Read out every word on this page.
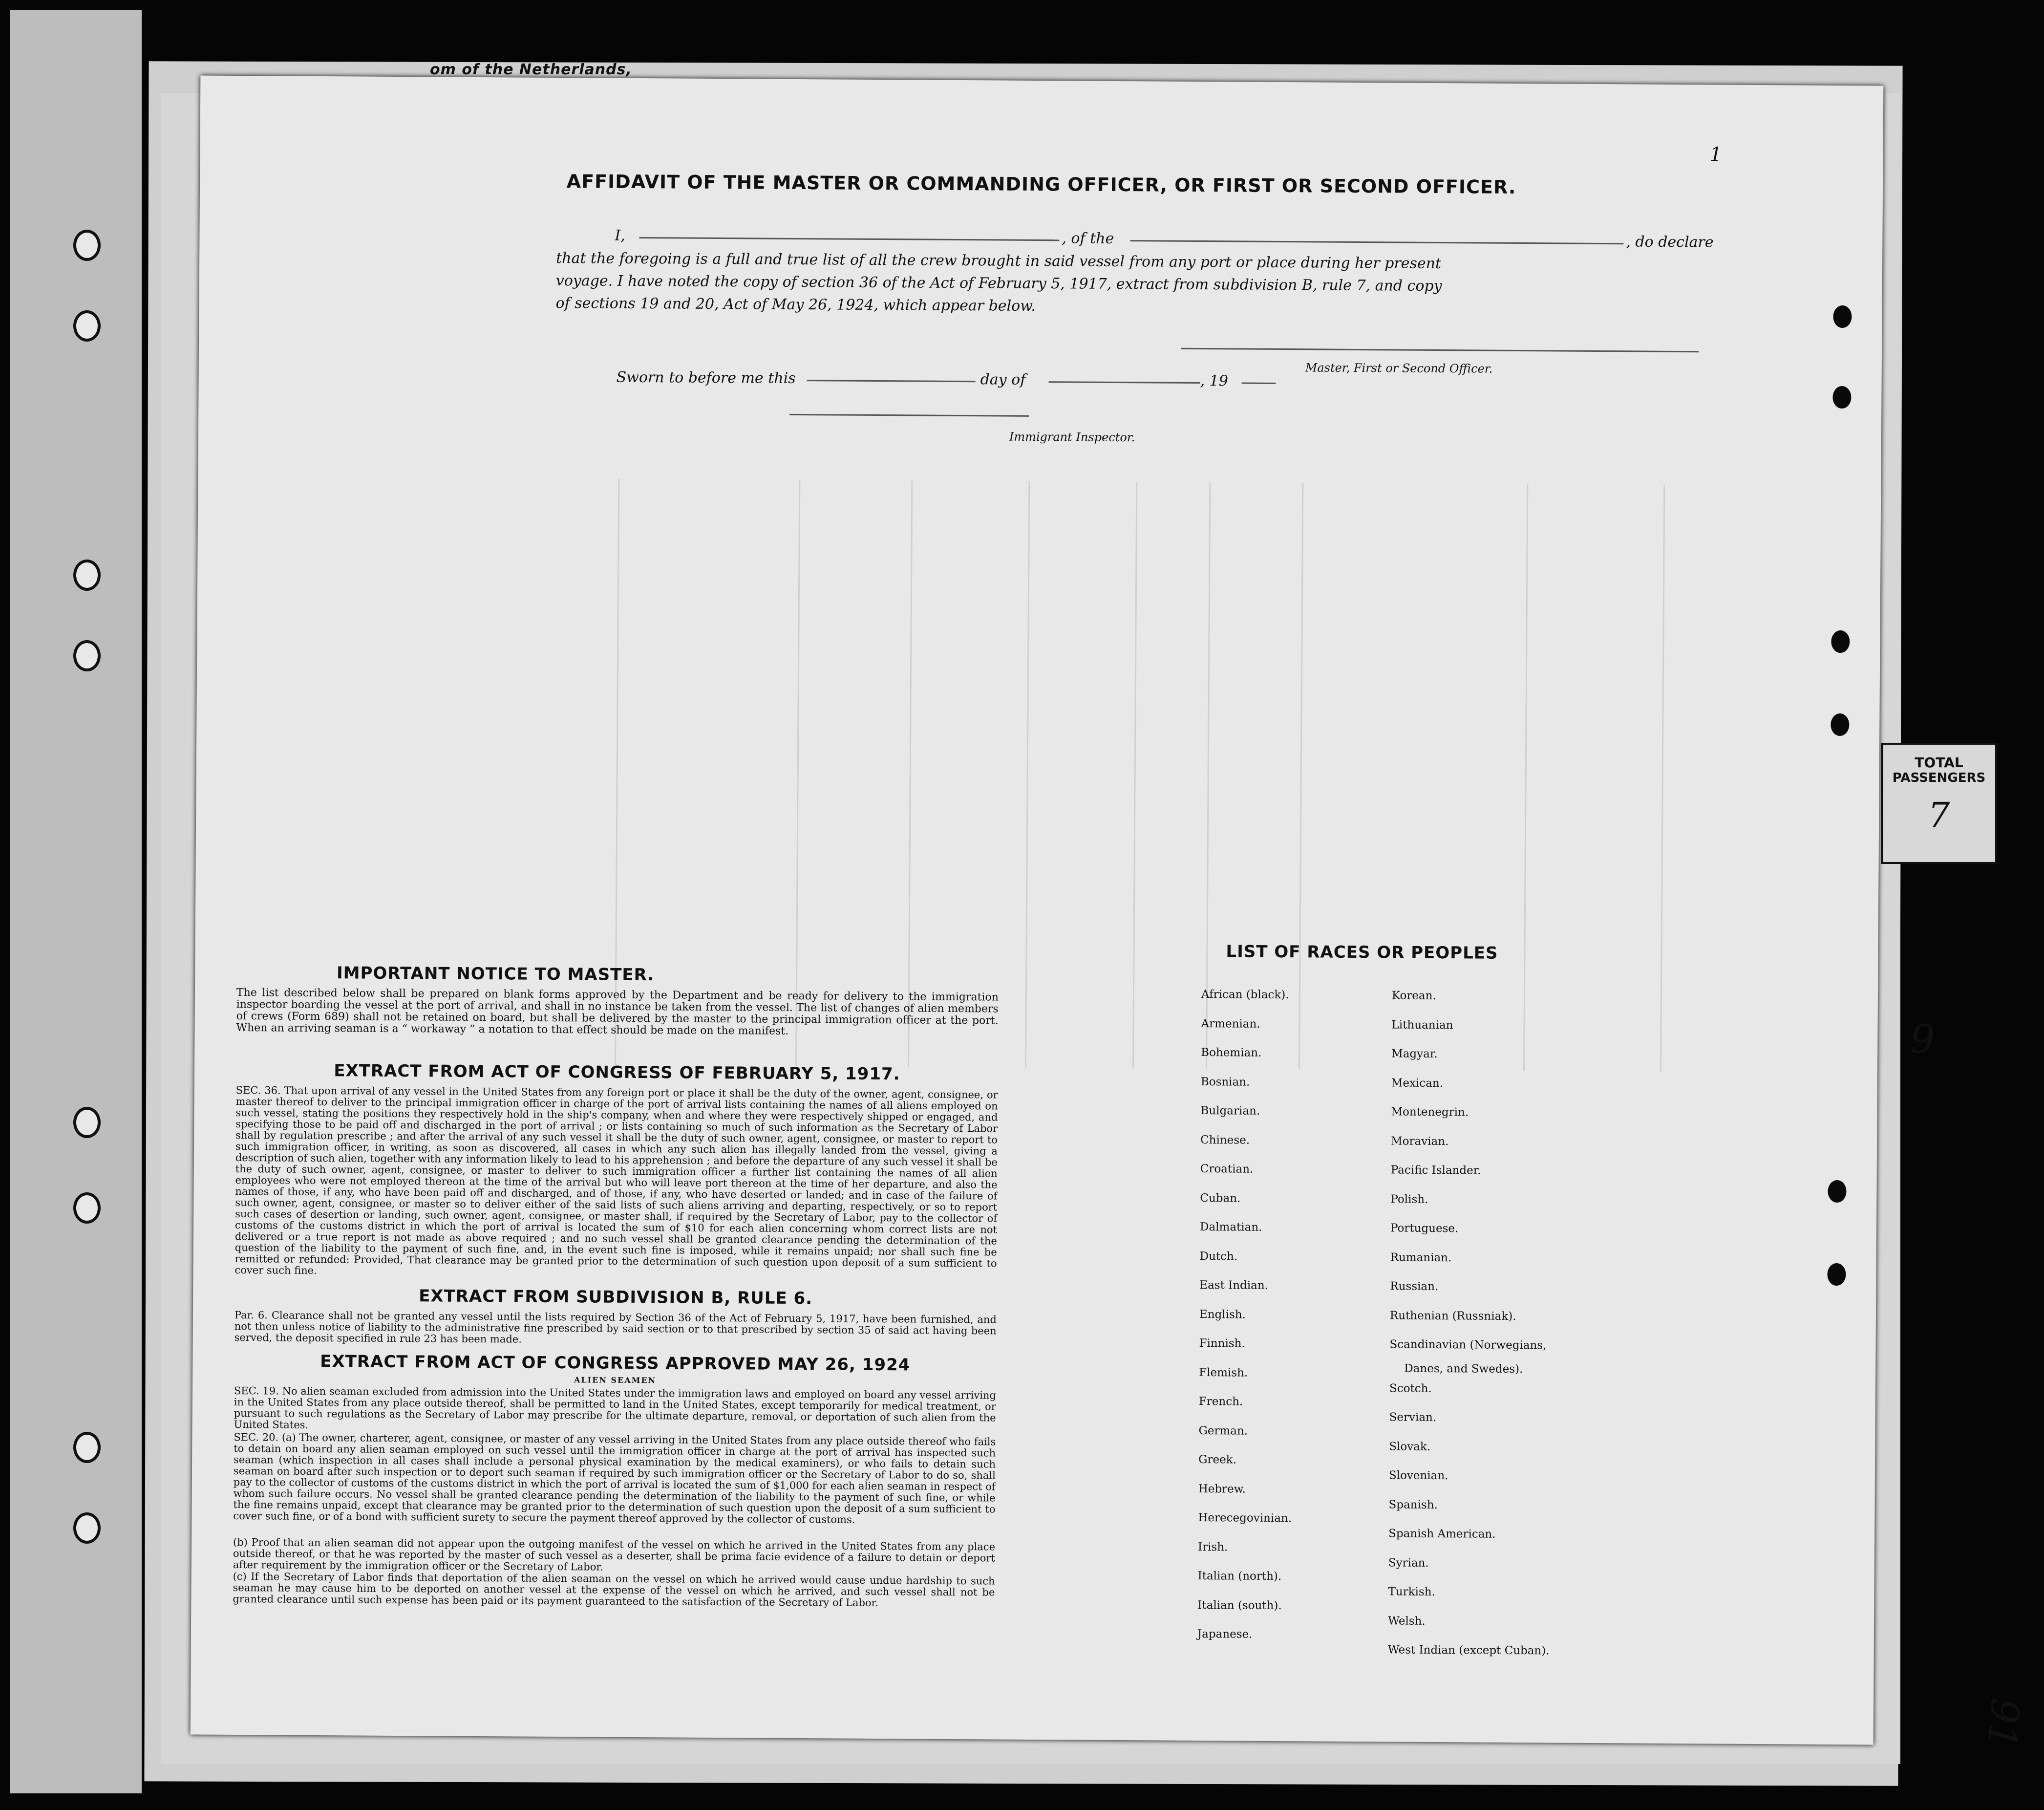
om of the Netherlands,
TOTAL
PASSENGERS
7
9
91
AFFIDAVIT OF THE MASTER OR COMMANDING OFFICER, OR FIRST OR SECOND OFFICER.
I,	, of the	, do declare
that the foregoing is a full and true list of all the crew brought in said vessel from any port or place during her present
voyage. I have noted the copy of section 36 of the Act of February 5, 1917, extract from subdivision B, rule 7, and copy
of sections 19 and 20, Act of May 26, 1924, which appear below.
Master, First or Second Officer.
Sworn to before me this	day of	, 19
Immigrant Inspector.
IMPORTANT NOTICE TO MASTER.
The list described below shall be prepared on blank forms approved by the Department and be ready for delivery to the immigration inspector boarding the vessel at the port of arrival, and shall in no instance be taken from the vessel. The list of changes of alien members of crews (Form 689) shall not be retained on board, but shall be delivered by the master to the principal immigration officer at the port. When an arriving seaman is a “ workaway ” a notation to that effect should be made on the manifest.
EXTRACT FROM ACT OF CONGRESS OF FEBRUARY 5, 1917.
SEC. 36. That upon arrival of any vessel in the United States from any foreign port or place it shall be the duty of the owner, agent, consignee, or master thereof to deliver to the principal immigration officer in charge of the port of arrival lists containing the names of all aliens employed on such vessel, stating the positions they respectively hold in the ship's company, when and where they were respectively shipped or engaged, and specifying those to be paid off and discharged in the port of arrival ; or lists containing so much of such information as the Secretary of Labor shall by regulation prescribe ; and after the arrival of any such vessel it shall be the duty of such owner, agent, consignee, or master to report to such immigration officer, in writing, as soon as discovered, all cases in which any such alien has illegally landed from the vessel, giving a description of such alien, together with any information likely to lead to his apprehension ; and before the departure of any such vessel it shall be the duty of such owner, agent, consignee, or master to deliver to such immigration officer a further list containing the names of all alien employees who were not employed thereon at the time of the arrival but who will leave port thereon at the time of her departure, and also the names of those, if any, who have been paid off and discharged, and of those, if any, who have deserted or landed; and in case of the failure of such owner, agent, consignee, or master so to deliver either of the said lists of such aliens arriving and departing, respectively, or so to report such cases of desertion or landing, such owner, agent, consignee, or master shall, if required by the Secretary of Labor, pay to the collector of customs of the customs district in which the port of arrival is located the sum of $10 for each alien concerning whom correct lists are not delivered or a true report is not made as above required ; and no such vessel shall be granted clearance pending the determination of the question of the liability to the payment of such fine, and, in the event such fine is imposed, while it remains unpaid; nor shall such fine be remitted or refunded: Provided, That clearance may be granted prior to the determination of such question upon deposit of a sum sufficient to cover such fine.
EXTRACT FROM SUBDIVISION B, RULE 6.
Par. 6. Clearance shall not be granted any vessel until the lists required by Section 36 of the Act of February 5, 1917, have been furnished, and not then unless notice of liability to the administrative fine prescribed by said section or to that prescribed by section 35 of said act having been served, the deposit specified in rule 23 has been made.
EXTRACT FROM ACT OF CONGRESS APPROVED MAY 26, 1924
ALIEN SEAMEN
SEC. 19. No alien seaman excluded from admission into the United States under the immigration laws and employed on board any vessel arriving in the United States from any place outside thereof, shall be permitted to land in the United States, except temporarily for medical treatment, or pursuant to such regulations as the Secretary of Labor may prescribe for the ultimate departure, removal, or deportation of such alien from the United States.
SEC. 20. (a) The owner, charterer, agent, consignee, or master of any vessel arriving in the United States from any place outside thereof who fails to detain on board any alien seaman employed on such vessel until the immigration officer in charge at the port of arrival has inspected such seaman (which inspection in all cases shall include a personal physical examination by the medical examiners), or who fails to detain such seaman on board after such inspection or to deport such seaman if required by such immigration officer or the Secretary of Labor to do so, shall pay to the collector of customs of the customs district in which the port of arrival is located the sum of $1,000 for each alien seaman in respect of whom such failure occurs. No vessel shall be granted clearance pending the determination of the liability to the payment of such fine, or while the fine remains unpaid, except that clearance may be granted prior to the determination of such question upon the deposit of a sum sufficient to cover such fine, or of a bond with sufficient surety to secure the payment thereof approved by the collector of customs.
(b) Proof that an alien seaman did not appear upon the outgoing manifest of the vessel on which he arrived in the United States from any place outside thereof, or that he was reported by the master of such vessel as a deserter, shall be prima facie evidence of a failure to detain or deport after requirement by the immigration officer or the Secretary of Labor.
(c) If the Secretary of Labor finds that deportation of the alien seaman on the vessel on which he arrived would cause undue hardship to such seaman he may cause him to be deported on another vessel at the expense of the vessel on which he arrived, and such vessel shall not be granted clearance until such expense has been paid or its payment guaranteed to the satisfaction of the Secretary of Labor.
LIST OF RACES OR PEOPLES
Danes, and Swedes).
1
African (black).
Armenian.
Bohemian.
Bosnian.
Bulgarian.
Chinese.
Croatian.
Cuban.
Dalmatian.
Dutch.
East Indian.
English.
Finnish.
Flemish.
French.
German.
Greek.
Hebrew.
Herecegovinian.
Irish.
Italian (north).
Italian (south).
Japanese.
Korean.
Lithuanian
Magyar.
Mexican.
Montenegrin.
Moravian.
Pacific Islander.
Polish.
Portuguese.
Rumanian.
Russian.
Ruthenian (Russniak).
Scandinavian (Norwegians,
Scotch.
Servian.
Slovak.
Slovenian.
Spanish.
Spanish American.
Syrian.
Turkish.
Welsh.
West Indian (except Cuban).
